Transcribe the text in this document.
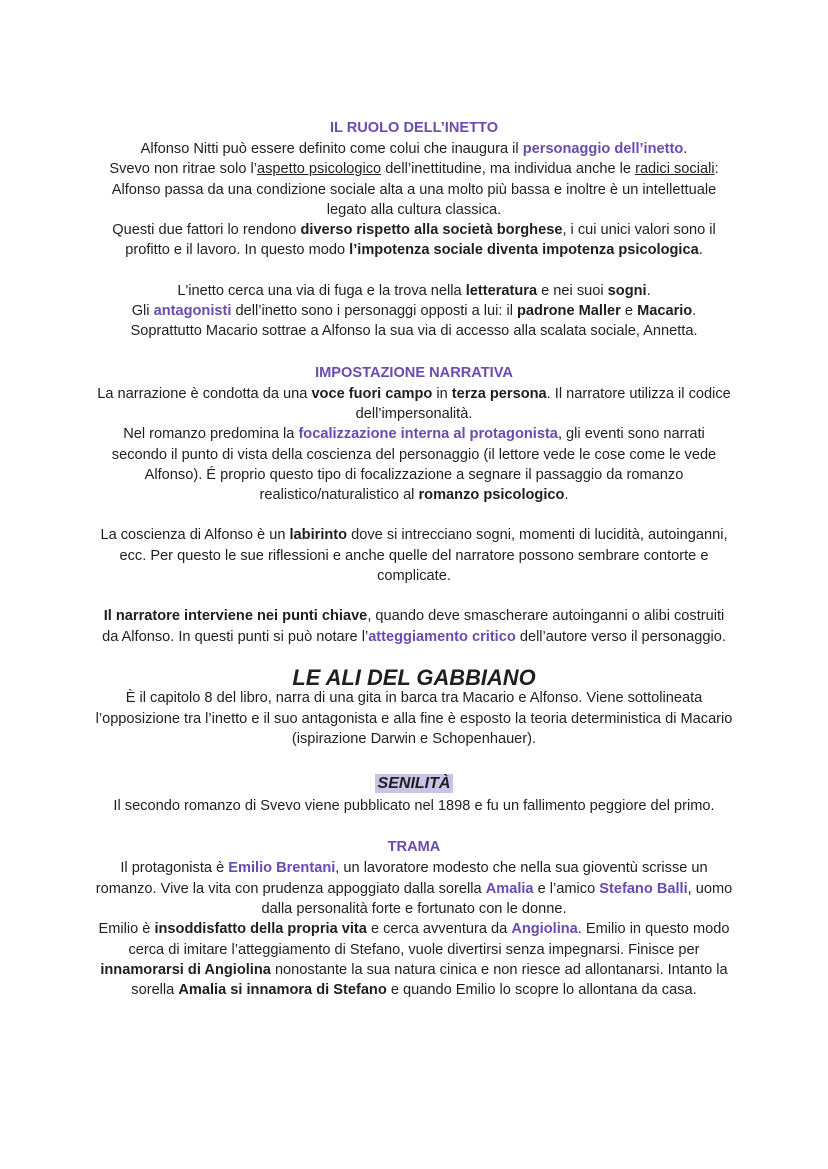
IL RUOLO DELL’INETTO

Alfonso Nitti può essere definito come colui che inaugura il personaggio dell’inetto.
Svevo non ritrae solo l’aspetto psicologico dell’inettitudine, ma individua anche le radici sociali: Alfonso passa da una condizione sociale alta a una molto più bassa e inoltre è un intellettuale legato alla cultura classica.

Questi due fattori lo rendono diverso rispetto alla società borghese, i cui unici valori sono il profitto e il lavoro. In questo modo l’impotenza sociale diventa impotenza psicologica.

L'inetto cerca una via di fuga e la trova nella letteratura e nei suoi sogni.
Gli antagonisti dell’inetto sono i personaggi opposti a lui: il padrone Maller e Macario.
Soprattutto Macario sottrae a Alfonso la sua via di accesso alla scalata sociale, Annetta.

IMPOSTAZIONE NARRATIVA

La narrazione è condotta da una voce fuori campo in terza persona. Il narratore utilizza il codice dell’impersonalità.

Nel romanzo predomina la focalizzazione interna al protagonista, gli eventi sono narrati secondo il punto di vista della coscienza del personaggio (il lettore vede le cose come le vede Alfonso). É proprio questo tipo di focalizzazione a segnare il passaggio da romanzo realistico/naturalistico al romanzo psicologico.

La coscienza di Alfonso è un labirinto dove si intrecciano sogni, momenti di lucidità, autoinganni, ecc. Per questo le sue riflessioni e anche quelle del narratore possono sembrare contorte e complicate.

Il narratore interviene nei punti chiave, quando deve smascherare autoinganni o alibi costruiti da Alfonso. In questi punti si può notare l’atteggiamento critico dell’autore verso il personaggio.

LE ALI DEL GABBIANO

È il capitolo 8 del libro, narra di una gita in barca tra Macario e Alfonso. Viene sottolineata l’opposizione tra l’inetto e il suo antagonista e alla fine è esposto la teoria deterministica di Macario (ispirazione Darwin e Schopenhauer).

SENILITÀ

Il secondo romanzo di Svevo viene pubblicato nel 1898 e fu un fallimento peggiore del primo.

TRAMA

Il protagonista è Emilio Brentani, un lavoratore modesto che nella sua gioventù scrisse un romanzo. Vive la vita con prudenza appoggiato dalla sorella Amalia e l’amico Stefano Balli, uomo dalla personalità forte e fortunato con le donne.

Emilio è insoddisfatto della propria vita e cerca avventura da Angiolina. Emilio in questo modo cerca di imitare l’atteggiamento di Stefano, vuole divertirsi senza impegnarsi. Finisce per innamorarsi di Angiolina nonostante la sua natura cinica e non riesce ad allontanarsi. Intanto la sorella Amalia si innamora di Stefano e quando Emilio lo scopre lo allontana da casa.
